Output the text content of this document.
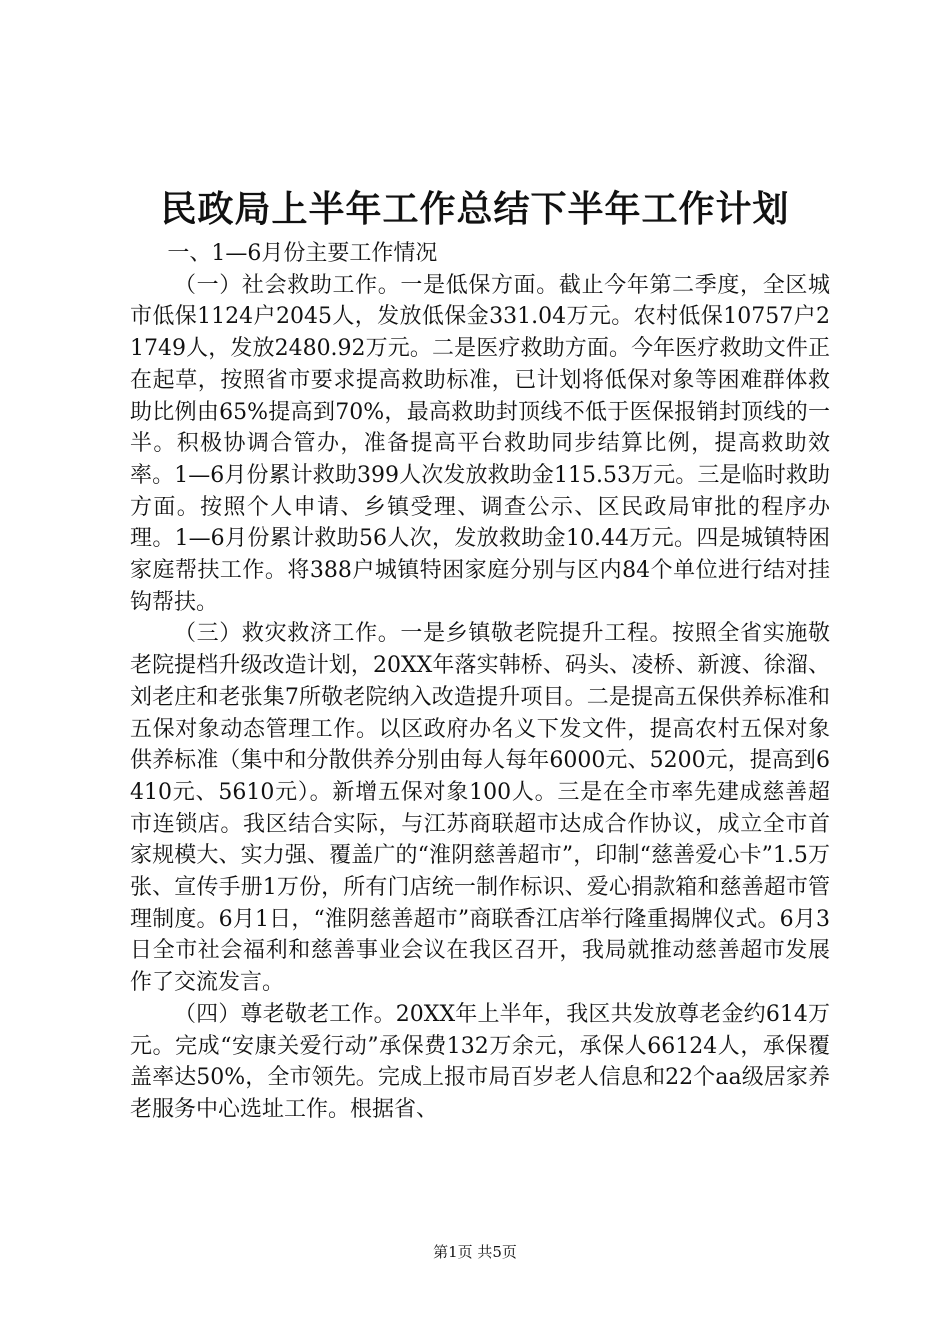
民政局上半年工作总结下半年工作计划

一、1—6月份主要工作情况

（一）社会救助工作。一是低保方面。截止今年第二季度，全区城市低保1124户2045人，发放低保金331.04万元。农村低保10757户21749人，发放2480.92万元。二是医疗救助方面。今年医疗救助文件正在起草，按照省市要求提高救助标准，已计划将低保对象等困难群体救助比例由65%提高到70%，最高救助封顶线不低于医保报销封顶线的一半。积极协调合管办，准备提高平台救助同步结算比例，提高救助效率。1—6月份累计救助399人次发放救助金115.53万元。三是临时救助方面。按照个人申请、乡镇受理、调查公示、区民政局审批的程序办理。1—6月份累计救助56人次，发放救助金10.44万元。四是城镇特困家庭帮扶工作。将388户城镇特困家庭分别与区内84个单位进行结对挂钩帮扶。

（三）救灾救济工作。一是乡镇敬老院提升工程。按照全省实施敬老院提档升级改造计划，20XX年落实韩桥、码头、凌桥、新渡、徐溜、刘老庄和老张集7所敬老院纳入改造提升项目。二是提高五保供养标准和五保对象动态管理工作。以区政府办名义下发文件，提高农村五保对象供养标准（集中和分散供养分别由每人每年6000元、5200元，提高到6410元、5610元）。新增五保对象100人。三是在全市率先建成慈善超市连锁店。我区结合实际，与江苏商联超市达成合作协议，成立全市首家规模大、实力强、覆盖广的“淮阴慈善超市”，印制“慈善爱心卡”1.5万张、宣传手册1万份，所有门店统一制作标识、爱心捐款箱和慈善超市管理制度。6月1日，“淮阴慈善超市”商联香江店举行隆重揭牌仪式。6月3日全市社会福利和慈善事业会议在我区召开，我局就推动慈善超市发展作了交流发言。

（四）尊老敬老工作。20XX年上半年，我区共发放尊老金约614万元。完成“安康关爱行动”承保费132万余元，承保人66124人，承保覆盖率达50%，全市领先。完成上报市局百岁老人信息和22个aa级居家养老服务中心选址工作。根据省、

第1页 共5页
